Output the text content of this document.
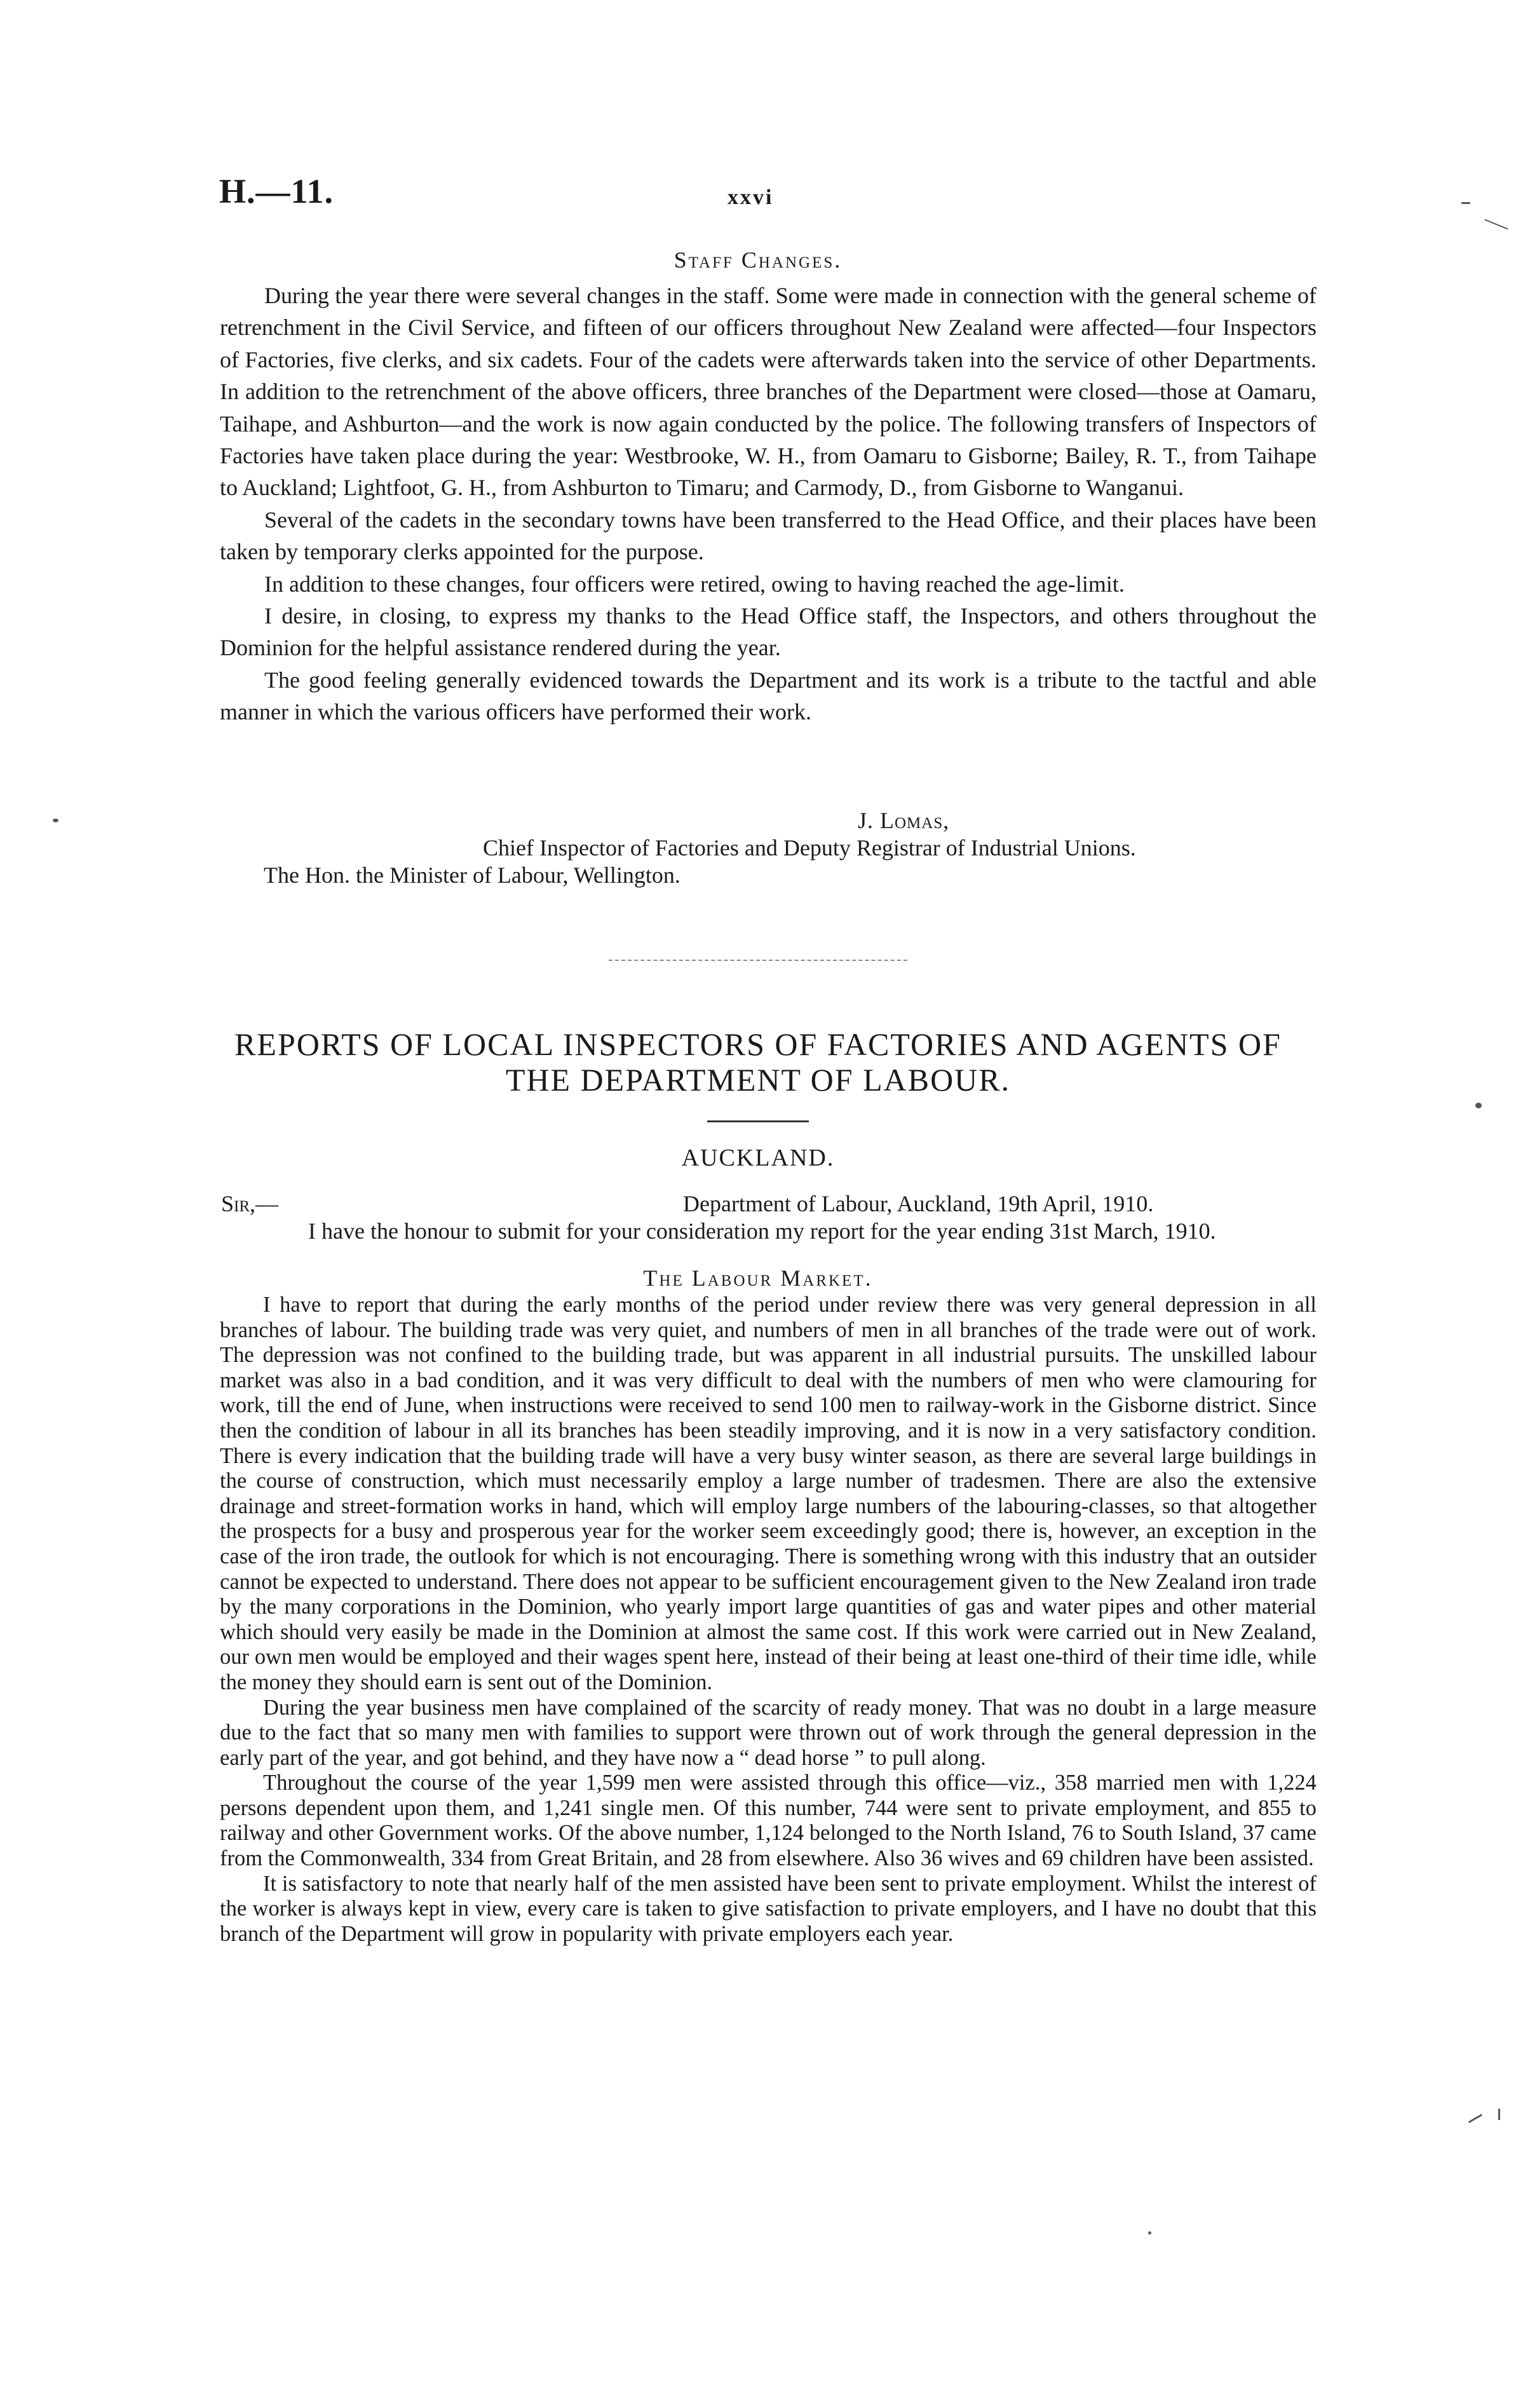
H.—11.	xxvi
Staff Changes.

During the year there were several changes in the staff. Some were made in connection with the general scheme of retrenchment in the Civil Service, and fifteen of our officers throughout New Zealand were affected—four Inspectors of Factories, five clerks, and six cadets. Four of the cadets were afterwards taken into the service of other Departments. In addition to the retrenchment of the above officers, three branches of the Department were closed—those at Oamaru, Taihape, and Ashburton—and the work is now again conducted by the police. The following transfers of Inspectors of Factories have taken place during the year: Westbrooke, W. H., from Oamaru to Gisborne; Bailey, R. T., from Taihape to Auckland; Lightfoot, G. H., from Ashburton to Timaru; and Carmody, D., from Gisborne to Wanganui.

Several of the cadets in the secondary towns have been transferred to the Head Office, and their places have been taken by temporary clerks appointed for the purpose.

In addition to these changes, four officers were retired, owing to having reached the age-limit.

I desire, in closing, to express my thanks to the Head Office staff, the Inspectors, and others throughout the Dominion for the helpful assistance rendered during the year.

The good feeling generally evidenced towards the Department and its work is a tribute to the tactful and able manner in which the various officers have performed their work.

J. Lomas,
Chief Inspector of Factories and Deputy Registrar of Industrial Unions.
The Hon. the Minister of Labour, Wellington.
REPORTS OF LOCAL INSPECTORS OF FACTORIES AND AGENTS OF
THE DEPARTMENT OF LABOUR.
AUCKLAND.
Sir,—	Department of Labour, Auckland, 19th April, 1910.
I have the honour to submit for your consideration my report for the year ending 31st March, 1910.
The Labour Market.

I have to report that during the early months of the period under review there was very general depression in all branches of labour. The building trade was very quiet, and numbers of men in all branches of the trade were out of work. The depression was not confined to the building trade, but was apparent in all industrial pursuits. The unskilled labour market was also in a bad condition, and it was very difficult to deal with the numbers of men who were clamouring for work, till the end of June, when instructions were received to send 100 men to railway-work in the Gisborne district. Since then the condition of labour in all its branches has been steadily improving, and it is now in a very satisfactory condition. There is every indication that the building trade will have a very busy winter season, as there are several large buildings in the course of construction, which must necessarily employ a large number of tradesmen. There are also the extensive drainage and street-formation works in hand, which will employ large numbers of the labouring-classes, so that altogether the prospects for a busy and prosperous year for the worker seem exceedingly good; there is, however, an exception in the case of the iron trade, the outlook for which is not encouraging. There is something wrong with this industry that an outsider cannot be expected to understand. There does not appear to be sufficient encouragement given to the New Zealand iron trade by the many corporations in the Dominion, who yearly import large quantities of gas and water pipes and other material which should very easily be made in the Dominion at almost the same cost. If this work were carried out in New Zealand, our own men would be employed and their wages spent here, instead of their being at least one-third of their time idle, while the money they should earn is sent out of the Dominion.

During the year business men have complained of the scarcity of ready money. That was no doubt in a large measure due to the fact that so many men with families to support were thrown out of work through the general depression in the early part of the year, and got behind, and they have now a “ dead horse ” to pull along.

Throughout the course of the year 1,599 men were assisted through this office—viz., 358 married men with 1,224 persons dependent upon them, and 1,241 single men. Of this number, 744 were sent to private employment, and 855 to railway and other Government works. Of the above number, 1,124 belonged to the North Island, 76 to South Island, 37 came from the Commonwealth, 334 from Great Britain, and 28 from elsewhere. Also 36 wives and 69 children have been assisted.

It is satisfactory to note that nearly half of the men assisted have been sent to private employment. Whilst the interest of the worker is always kept in view, every care is taken to give satisfaction to private employers, and I have no doubt that this branch of the Department will grow in popularity with private employers each year.
